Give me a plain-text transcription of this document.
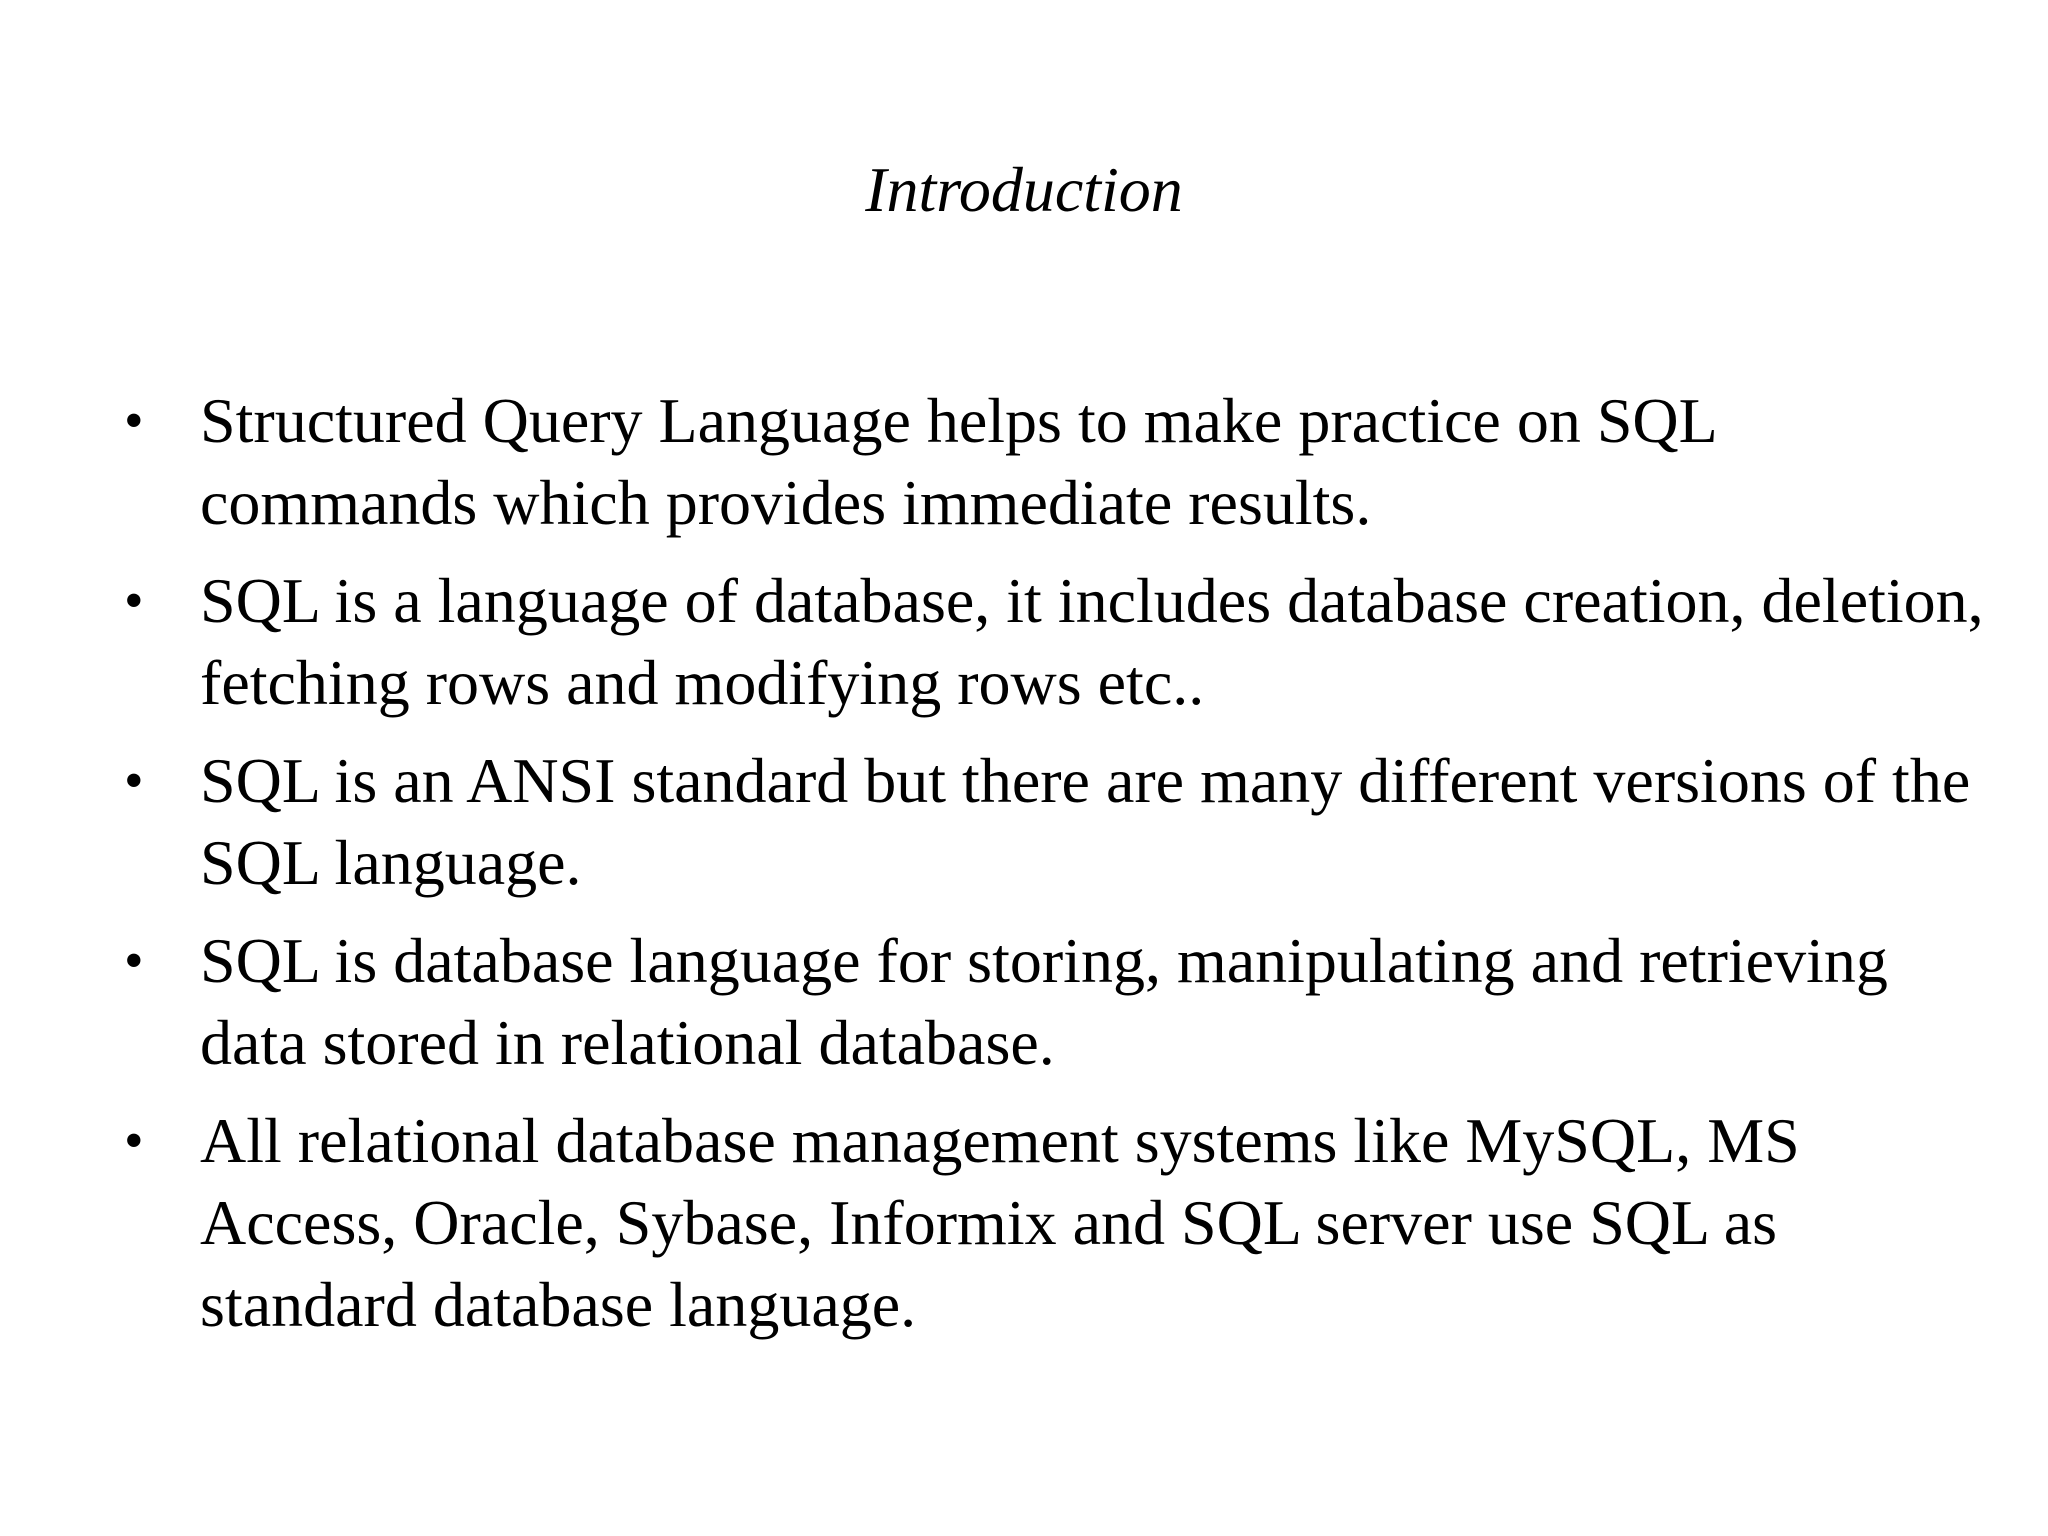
Introduction
• Structured Query Language helps to make practice on SQL commands which provides immediate results.
• SQL is a language of database, it includes database creation, deletion, fetching rows and modifying rows etc..
• SQL is an ANSI standard but there are many different versions of the SQL language.
• SQL is database language for storing, manipulating and retrieving data stored in relational database.
• All relational database management systems like MySQL, MS Access, Oracle, Sybase, Informix and SQL server use SQL as standard database language.
